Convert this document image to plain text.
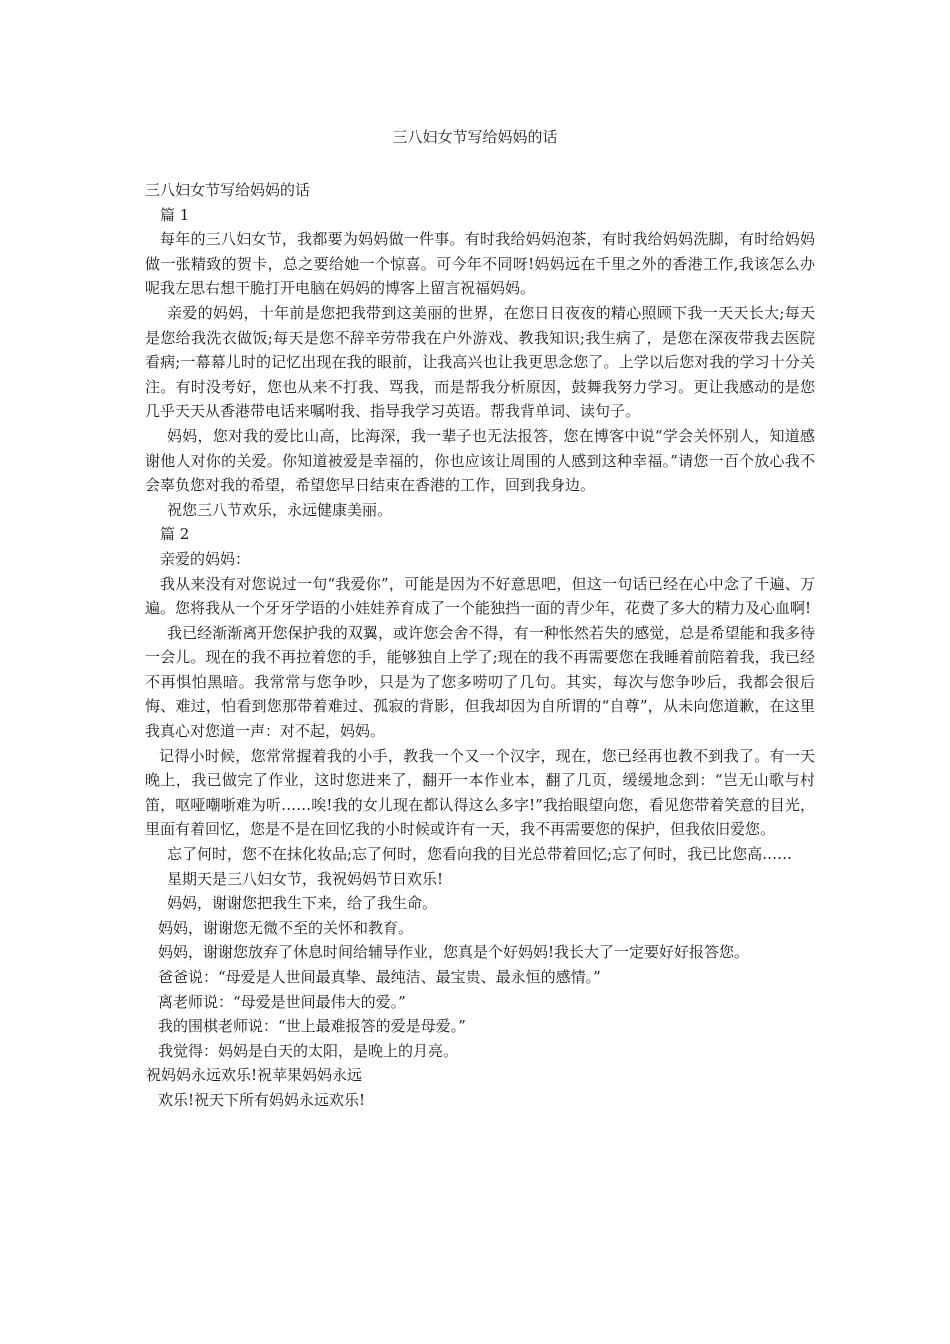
三八妇女节写给妈妈的话

三八妇女节写给妈妈的话

篇 1

每年的三八妇女节，我都要为妈妈做一件事。有时我给妈妈泡茶，有时我给妈妈洗脚，有时给妈妈做一张精致的贺卡，总之要给她一个惊喜。可今年不同呀!妈妈远在千里之外的香港工作,我该怎么办呢我左思右想干脆打开电脑在妈妈的博客上留言祝福妈妈。

亲爱的妈妈，十年前是您把我带到这美丽的世界，在您日日夜夜的精心照顾下我一天天长大;每天是您给我洗衣做饭;每天是您不辞辛劳带我在户外游戏、教我知识;我生病了，是您在深夜带我去医院看病;一幕幕儿时的记忆出现在我的眼前，让我高兴也让我更思念您了。上学以后您对我的学习十分关注。有时没考好，您也从来不打我、骂我，而是帮我分析原因，鼓舞我努力学习。更让我感动的是您几乎天天从香港带电话来嘱咐我、指导我学习英语。帮我背单词、读句子。

妈妈，您对我的爱比山高，比海深，我一辈子也无法报答，您在博客中说“学会关怀别人，知道感谢他人对你的关爱。你知道被爱是幸福的，你也应该让周围的人感到这种幸福。”请您一百个放心我不会辜负您对我的希望，希望您早日结束在香港的工作，回到我身边。

祝您三八节欢乐，永远健康美丽。

篇 2

亲爱的妈妈：

我从来没有对您说过一句“我爱你”，可能是因为不好意思吧，但这一句话已经在心中念了千遍、万遍。您将我从一个牙牙学语的小娃娃养育成了一个能独挡一面的青少年，花费了多大的精力及心血啊!

我已经渐渐离开您保护我的双翼，或许您会舍不得，有一种怅然若失的感觉，总是希望能和我多待一会儿。现在的我不再拉着您的手，能够独自上学了;现在的我不再需要您在我睡着前陪着我，我已经不再惧怕黑暗。我常常与您争吵，只是为了您多唠叨了几句。其实，每次与您争吵后，我都会很后悔、难过，怕看到您那带着难过、孤寂的背影，但我却因为自所谓的“自尊”，从未向您道歉，在这里我真心对您道一声：对不起，妈妈。

记得小时候，您常常握着我的小手，教我一个又一个汉字，现在，您已经再也教不到我了。有一天晚上，我已做完了作业，这时您进来了，翻开一本作业本，翻了几页，缓缓地念到：“岂无山歌与村笛，呕哑嘲哳难为听……唉!我的女儿现在都认得这么多字!”我抬眼望向您，看见您带着笑意的目光，里面有着回忆，您是不是在回忆我的小时候或许有一天，我不再需要您的保护，但我依旧爱您。

忘了何时，您不在抹化妆品;忘了何时，您看向我的目光总带着回忆;忘了何时，我已比您高……

星期天是三八妇女节，我祝妈妈节日欢乐!

妈妈，谢谢您把我生下来，给了我生命。

妈妈，谢谢您无微不至的关怀和教育。

妈妈，谢谢您放弃了休息时间给辅导作业，您真是个好妈妈!我长大了一定要好好报答您。

爸爸说：“母爱是人世间最真挚、最纯洁、最宝贵、最永恒的感情。”

离老师说：“母爱是世间最伟大的爱。”

我的围棋老师说：“世上最难报答的爱是母爱。”

我觉得：妈妈是白天的太阳，是晚上的月亮。

祝妈妈永远欢乐!祝苹果妈妈永远

欢乐!祝天下所有妈妈永远欢乐!
